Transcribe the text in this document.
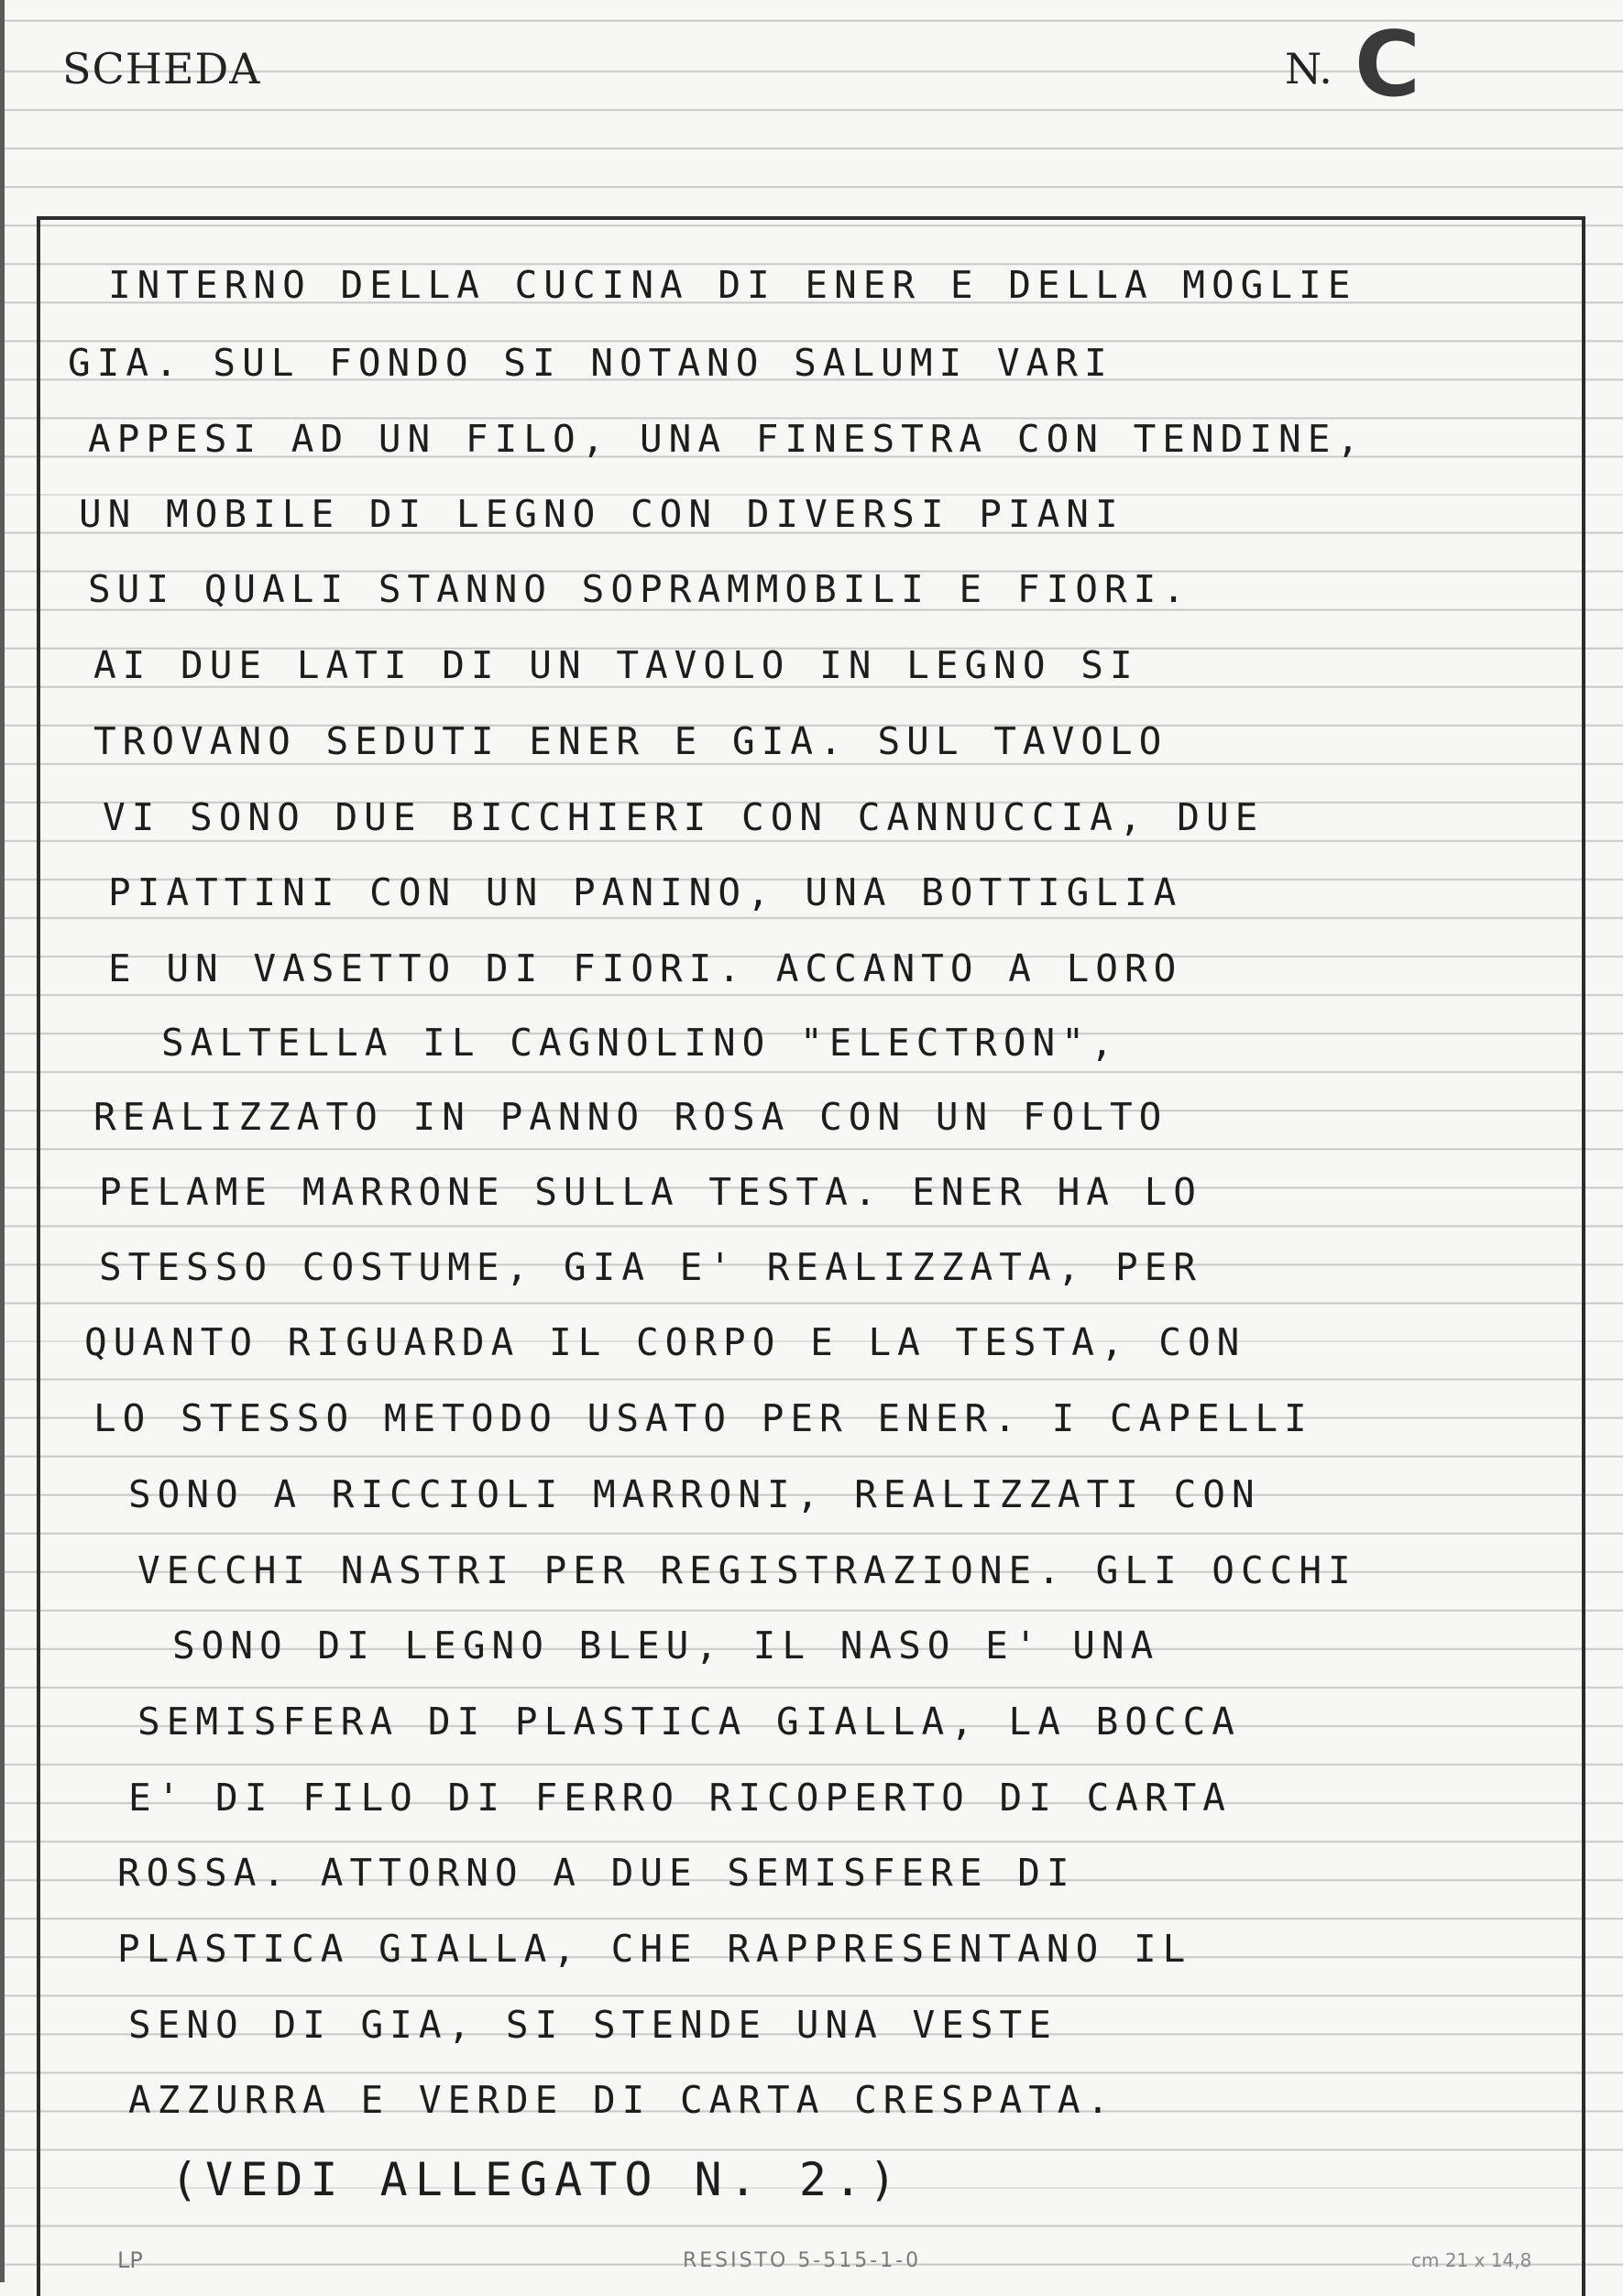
SCHEDA	N. C
INTERNO DELLA CUCINA DI ENER E DELLA MOGLIE
GIA. SUL FONDO SI NOTANO SALUMI VARI
APPESI AD UN FILO, UNA FINESTRA CON TENDINE,
UN MOBILE DI LEGNO CON DIVERSI PIANI
SUI QUALI STANNO SOPRAMMOBILI E FIORI.
AI DUE LATI DI UN TAVOLO IN LEGNO SI
TROVANO SEDUTI ENER E GIA. SUL TAVOLO
VI SONO DUE BICCHIERI CON CANNUCCIA, DUE
PIATTINI CON UN PANINO, UNA BOTTIGLIA
E UN VASETTO DI FIORI. ACCANTO A LORO
SALTELLA IL CAGNOLINO "ELECTRON",
REALIZZATO IN PANNO ROSA CON UN FOLTO
PELAME MARRONE SULLA TESTA. ENER HA LO
STESSO COSTUME, GIA E' REALIZZATA, PER
QUANTO RIGUARDA IL CORPO E LA TESTA, CON
LO STESSO METODO USATO PER ENER. I CAPELLI
SONO A RICCIOLI MARRONI, REALIZZATI CON
VECCHI NASTRI PER REGISTRAZIONE. GLI OCCHI
SONO DI LEGNO BLEU, IL NASO E' UNA
SEMISFERA DI PLASTICA GIALLA, LA BOCCA
E' DI FILO DI FERRO RICOPERTO DI CARTA
ROSSA. ATTORNO A DUE SEMISFERE DI
PLASTICA GIALLA, CHE RAPPRESENTANO IL
SENO DI GIA, SI STENDE UNA VESTE
AZZURRA E VERDE DI CARTA CRESPATA.
(VEDI ALLEGATO N. 2.)
LP	RESISTO 5-515-1-0	cm 21 x 14,8
